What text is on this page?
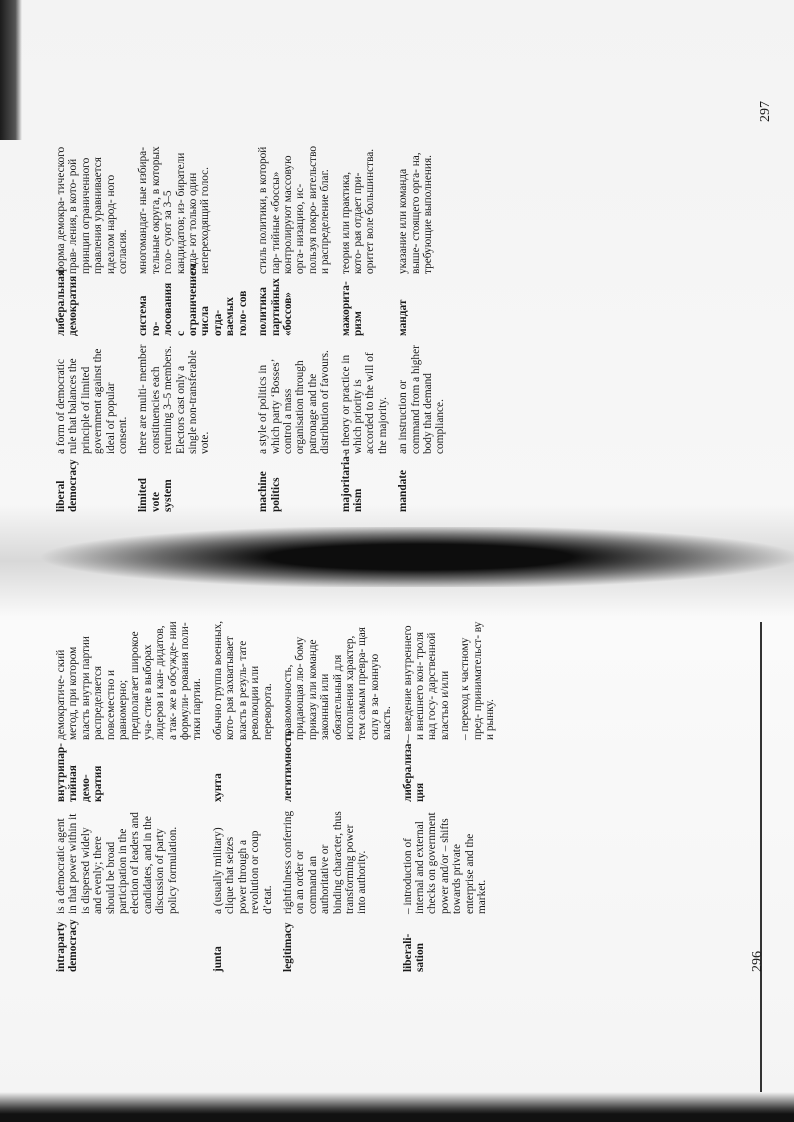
intraparty democracy
is a democratic agent in that power within it is dispersed widely and evenly; there should be broad participation in the election of leaders and candidates, and in the discussion of party policy formulation.
внутрипар- тийная демо- кратия
демократиче- ский метод, при котором власть внутри партии распределяется повсеместно и равномерно; предполагает широкое уча- стие в выборах лидеров и кан- дидатов, а так- же в обсужде- нии формули- рования поли- тики партии.
junta
a (usually military) clique that seizes power through a revolution or coup d’etat.
хунта
обычно группа военных, кото- рая захватывает власть в резуль- тате революции или переворота.
legitimacy
rightfulness conferring on an order or command an authoritative or binding character, thus transforming power into authority.
легитимность
правомочность, придающая лю- бому приказу или команде законный или обязательный для исполнения характер, тем самым превра- щая силу в за- конную власть.
liberali- sation
– introduction of internal and external checks on government power and/or – shifts towards private enterprise and the market.
либерализа- ция
– введение внутреннего и внешнего кон- троля над госу- дарственной властью и/или – переход к частному пред- принимательст- ву и рынку.
liberal democracy
a form of democratic rule that balances the principle of limited government against the ideal of popular consent.
либеральная демократия
форма демокра- тического прав- ления, в кото- рой принцип ограниченного правления уравнивается идеалом народ- ного согласия.
limited vote system
there are multi- member constituencies each returning 3–5 members. Electors cast only a single non-transferable vote.
система го- лосования с ограничением числа отда- ваемых голо- сов
многомандат- ные избира- тельные округа, в которых голо- суют за 3–5 кандидатов; из- биратели отда- ют только один непереходящий голос.
machine politics
a style of politics in which party ‘Bosses’ control a mass organisation through patronage and the distribution of favours.
политика партийных «боссов»
стиль политики, в которой пар- тийные «боссы» контролируют массовую орга- низацию, ис- пользуя покро- вительство и распределение благ.
majoritaria- nism
a theory or practice in which priority is accorded to the will of the majority.
мажорита- ризм
теория или практика, кото- рая отдает при- оритет воле большинства.
mandate
an instruction or command from a higher body that demand compliance.
мандат
указание или команда выше- стоящего орга- на, требующие выполнения.
296
297
